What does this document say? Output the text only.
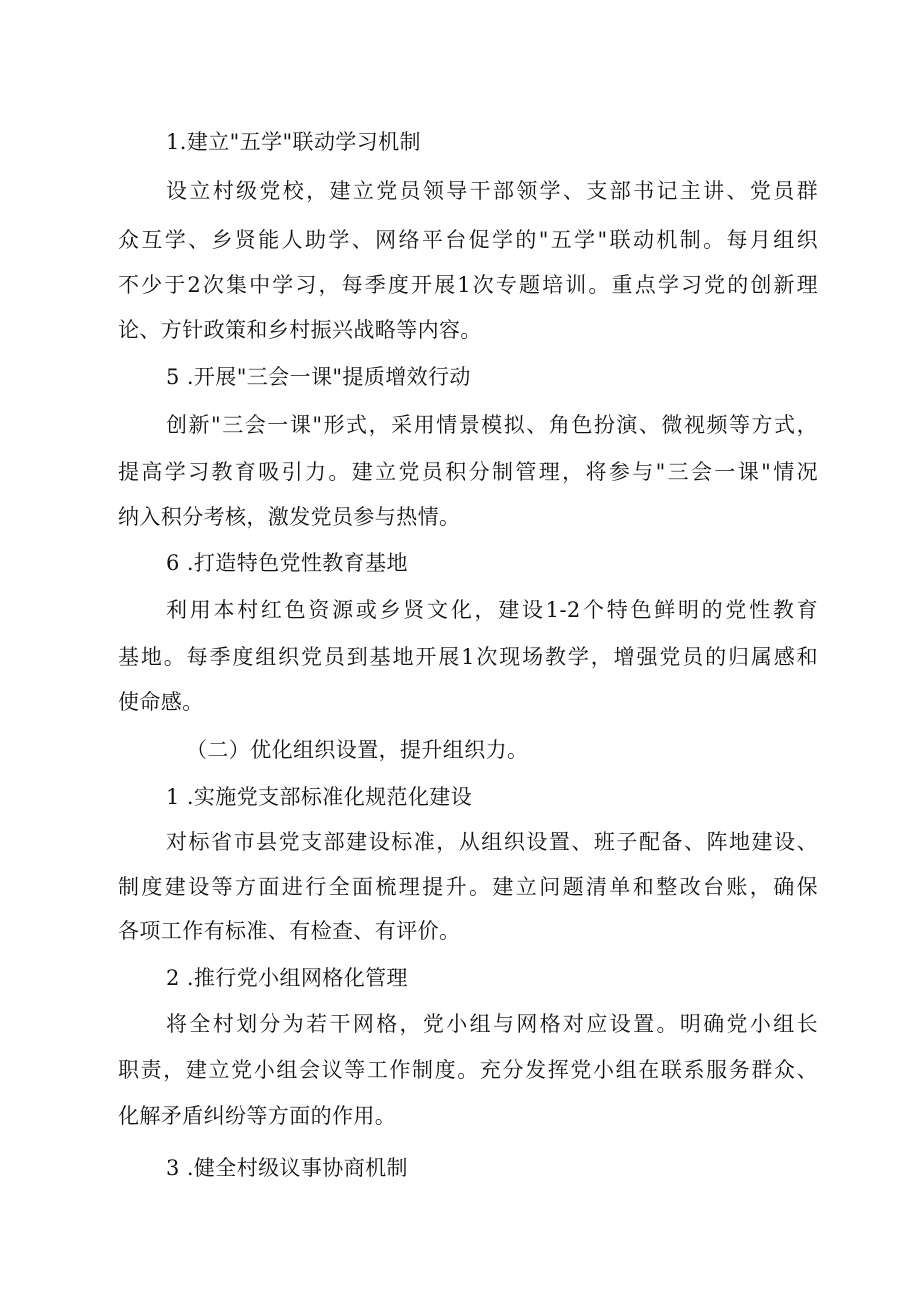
1.建立"五学"联动学习机制
设立村级党校，建立党员领导干部领学、支部书记主讲、党员群
众互学、乡贤能人助学、网络平台促学的"五学"联动机制。每月组织
不少于2次集中学习，每季度开展1次专题培训。重点学习党的创新理
论、方针政策和乡村振兴战略等内容。
5 .开展"三会一课"提质增效行动
创新"三会一课"形式，采用情景模拟、角色扮演、微视频等方式，
提高学习教育吸引力。建立党员积分制管理，将参与"三会一课"情况
纳入积分考核，激发党员参与热情。
6 .打造特色党性教育基地
利用本村红色资源或乡贤文化，建设1-2个特色鲜明的党性教育
基地。每季度组织党员到基地开展1次现场教学，增强党员的归属感和
使命感。
（二）优化组织设置，提升组织力。
1 .实施党支部标准化规范化建设
对标省市县党支部建设标准，从组织设置、班子配备、阵地建设、
制度建设等方面进行全面梳理提升。建立问题清单和整改台账，确保
各项工作有标准、有检查、有评价。
2 .推行党小组网格化管理
将全村划分为若干网格，党小组与网格对应设置。明确党小组长
职责，建立党小组会议等工作制度。充分发挥党小组在联系服务群众、
化解矛盾纠纷等方面的作用。
3 .健全村级议事协商机制
